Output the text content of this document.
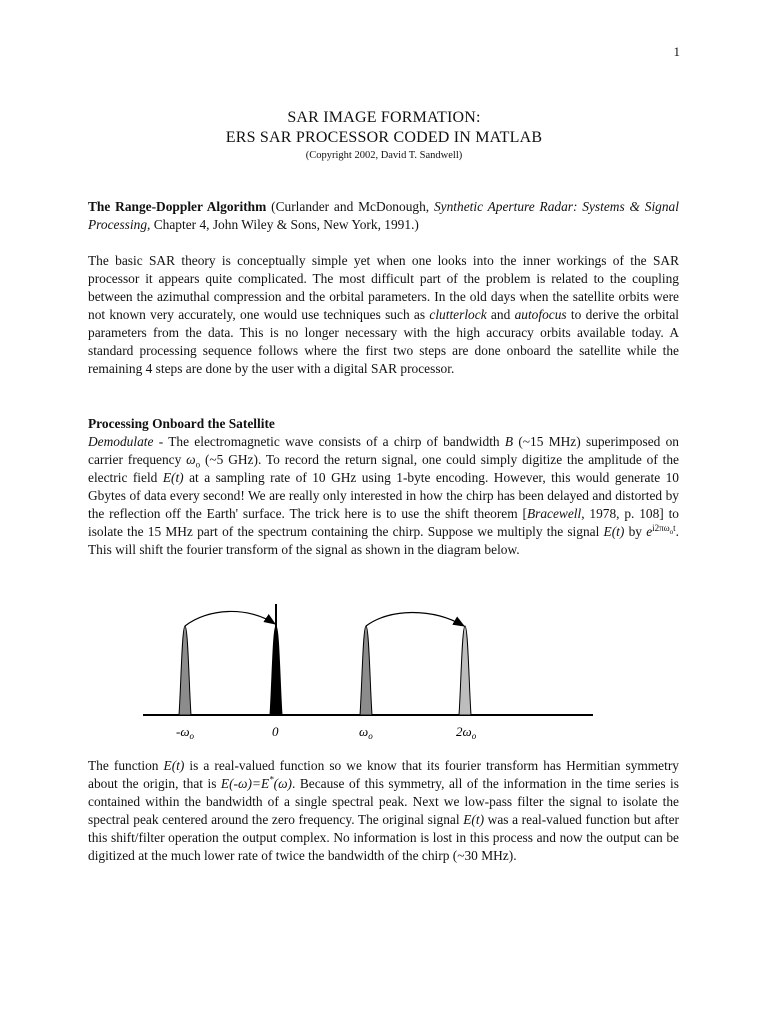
1
SAR IMAGE FORMATION:
ERS SAR PROCESSOR CODED IN MATLAB
(Copyright 2002, David T. Sandwell)

The Range-Doppler Algorithm (Curlander and McDonough, Synthetic Aperture Radar: Systems & Signal Processing, Chapter 4, John Wiley & Sons, New York, 1991.)

The basic SAR theory is conceptually simple yet when one looks into the inner workings of the SAR processor it appears quite complicated. The most difficult part of the problem is related to the coupling between the azimuthal compression and the orbital parameters. In the old days when the satellite orbits were not known very accurately, one would use techniques such as clutterlock and autofocus to derive the orbital parameters from the data. This is no longer necessary with the high accuracy orbits available today. A standard processing sequence follows where the first two steps are done onboard the satellite while the remaining 4 steps are done by the user with a digital SAR processor.

Processing Onboard the Satellite

Demodulate - The electromagnetic wave consists of a chirp of bandwidth B (~15 MHz) superimposed on carrier frequency $\omega_o$ (~5 GHz). To record the return signal, one could simply digitize the amplitude of the electric field E(t) at a sampling rate of 10 GHz using 1-byte encoding. However, this would generate 10 Gbytes of data every second! We are really only interested in how the chirp has been delayed and distorted by the reflection off the Earth' surface. The trick here is to use the shift theorem [Bracewell, 1978, p. 108] to isolate the 15 MHz part of the spectrum containing the chirp. Suppose we multiply the signal E(t) by $e^{i2\pi\omega_ot}$. This will shift the fourier transform of the signal as shown in the diagram below.

$-\omega_o$	0	$\omega_o$	$2\omega_o$

The function E(t) is a real-valued function so we know that its fourier transform has Hermitian symmetry about the origin, that is E(-ω)=E*(ω). Because of this symmetry, all of the information in the time series is contained within the bandwidth of a single spectral peak. Next we low-pass filter the signal to isolate the spectral peak centered around the zero frequency. The original signal E(t) was a real-valued function but after this shift/filter operation the output complex. No information is lost in this process and now the output can be digitized at the much lower rate of twice the bandwidth of the chirp (~30 MHz).
